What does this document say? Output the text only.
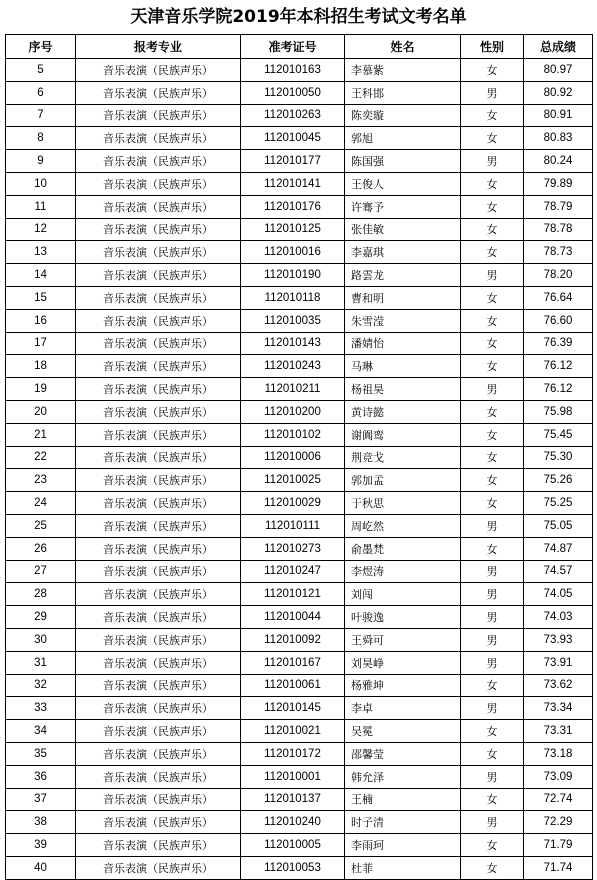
天津音乐学院2019年本科招生考试文考名单
序号	报考专业	准考证号	姓名	性别	总成绩
5	音乐表演（民族声乐）	112010163	李慕紫	女	80.97
6	音乐表演（民族声乐）	112010050	王科邯	男	80.92
7	音乐表演（民族声乐）	112010263	陈奕璇	女	80.91
8	音乐表演（民族声乐）	112010045	郭旭	女	80.83
9	音乐表演（民族声乐）	112010177	陈国强	男	80.24
10	音乐表演（民族声乐）	112010141	王俊人	女	79.89
11	音乐表演（民族声乐）	112010176	许骞予	女	78.79
12	音乐表演（民族声乐）	112010125	张佳敏	女	78.78
13	音乐表演（民族声乐）	112010016	李嘉琪	女	78.73
14	音乐表演（民族声乐）	112010190	路雲龙	男	78.20
15	音乐表演（民族声乐）	112010118	曹和明	女	76.64
16	音乐表演（民族声乐）	112010035	朱雪滢	女	76.60
17	音乐表演（民族声乐）	112010143	潘婧怡	女	76.39
18	音乐表演（民族声乐）	112010243	马琳	女	76.12
19	音乐表演（民族声乐）	112010211	杨祖昊	男	76.12
20	音乐表演（民族声乐）	112010200	黄诗懿	女	75.98
21	音乐表演（民族声乐）	112010102	谢阗鸾	女	75.45
22	音乐表演（民族声乐）	112010006	荆竞戈	女	75.30
23	音乐表演（民族声乐）	112010025	郭加孟	女	75.26
24	音乐表演（民族声乐）	112010029	于秋思	女	75.25
25	音乐表演（民族声乐）	112010111	周屹然	男	75.05
26	音乐表演（民族声乐）	112010273	俞墨梵	女	74.87
27	音乐表演（民族声乐）	112010247	李煜涛	男	74.57
28	音乐表演（民族声乐）	112010121	刘闯	男	74.05
29	音乐表演（民族声乐）	112010044	叶骏逸	男	74.03
30	音乐表演（民族声乐）	112010092	王舜可	男	73.93
31	音乐表演（民族声乐）	112010167	刘昊峥	男	73.91
32	音乐表演（民族声乐）	112010061	杨雅坤	女	73.62
33	音乐表演（民族声乐）	112010145	李卓	男	73.34
34	音乐表演（民族声乐）	112010021	吴冕	女	73.31
35	音乐表演（民族声乐）	112010172	邵馨莹	女	73.18
36	音乐表演（民族声乐）	112010001	韩允泽	男	73.09
37	音乐表演（民族声乐）	112010137	王楠	女	72.74
38	音乐表演（民族声乐）	112010240	时子清	男	72.29
39	音乐表演（民族声乐）	112010005	李雨珂	女	71.79
40	音乐表演（民族声乐）	112010053	杜菲	女	71.74
